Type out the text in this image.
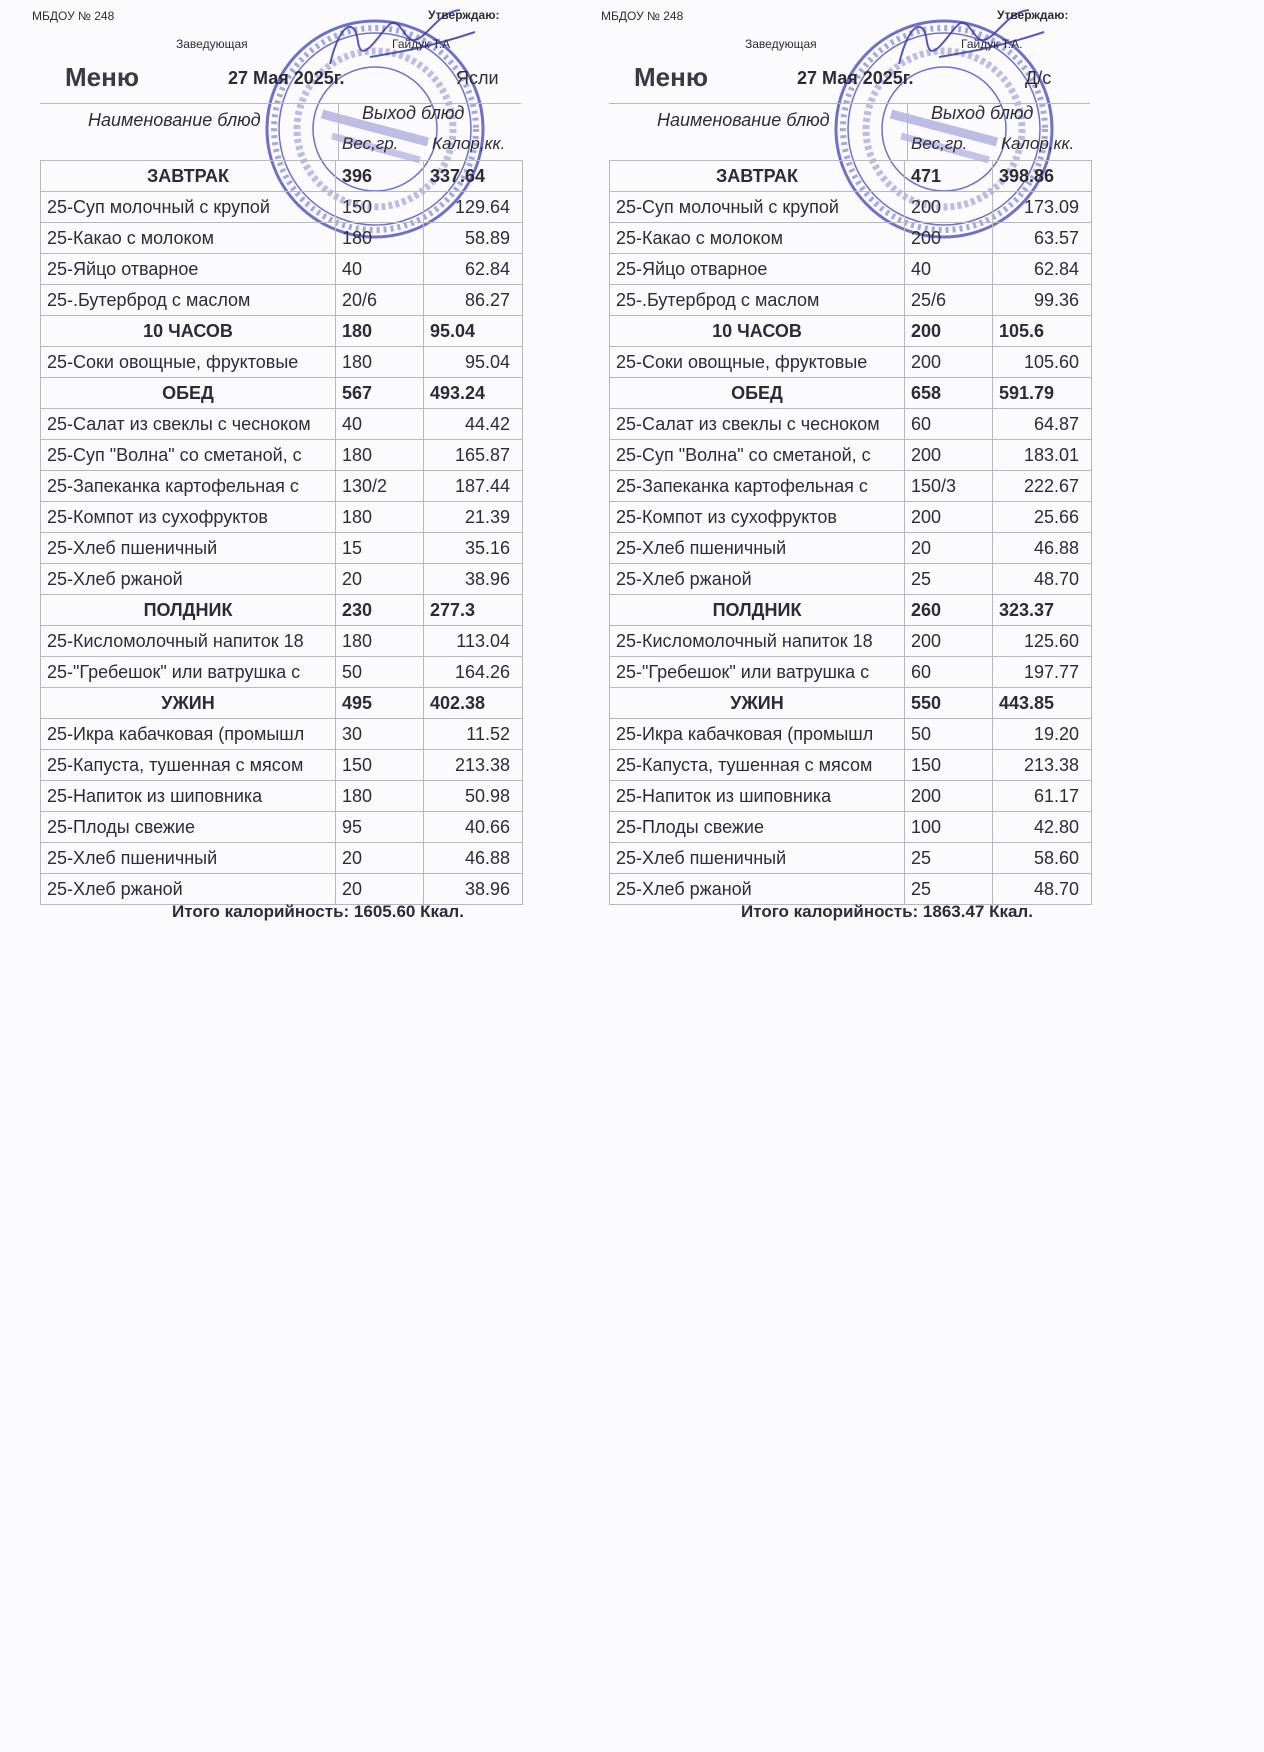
МБДОУ № 248	Утверждаю:
Заведующая	Гайдук Т.А
Меню	27 Мая 2025г.	Ясли
Наименование блюд	Выход блюд
Вес,гр. Калор,кк.
ЗАВТРАК	396	337.64
25-Суп молочный с крупой	150	129.64
25-Какао с молоком	180	58.89
25-Яйцо отварное	40	62.84
25-.Бутерброд с маслом	20/6	86.27
10 ЧАСОВ	180	95.04
25-Соки овощные, фруктовые	180	95.04
ОБЕД	567	493.24
25-Салат из свеклы с чесноком	40	44.42
25-Суп "Волна" со сметаной, с	180	165.87
25-Запеканка картофельная с	130/2	187.44
25-Компот из сухофруктов	180	21.39
25-Хлеб пшеничный	15	35.16
25-Хлеб ржаной	20	38.96
ПОЛДНИК	230	277.3
25-Кисломолочный напиток 18	180	113.04
25-"Гребешок" или ватрушка с	50	164.26
УЖИН	495	402.38
25-Икра кабачковая (промышл	30	11.52
25-Капуста, тушенная с мясом	150	213.38
25-Напиток из шиповника	180	50.98
25-Плоды свежие	95	40.66
25-Хлеб пшеничный	20	46.88
25-Хлеб ржаной	20	38.96
Итого калорийность: 1605.60 Ккал.
МБДОУ № 248	Утверждаю:
Заведующая	Гайдук Т.А.
Меню	27 Мая 2025г.	Д/с
Наименование блюд	Выход блюд
Вес,гр. Калор,кк.
ЗАВТРАК	471	398.86
25-Суп молочный с крупой	200	173.09
25-Какао с молоком	200	63.57
25-Яйцо отварное	40	62.84
25-.Бутерброд с маслом	25/6	99.36
10 ЧАСОВ	200	105.6
25-Соки овощные, фруктовые	200	105.60
ОБЕД	658	591.79
25-Салат из свеклы с чесноком	60	64.87
25-Суп "Волна" со сметаной, с	200	183.01
25-Запеканка картофельная с	150/3	222.67
25-Компот из сухофруктов	200	25.66
25-Хлеб пшеничный	20	46.88
25-Хлеб ржаной	25	48.70
ПОЛДНИК	260	323.37
25-Кисломолочный напиток 18	200	125.60
25-"Гребешок" или ватрушка с	60	197.77
УЖИН	550	443.85
25-Икра кабачковая (промышл	50	19.20
25-Капуста, тушенная с мясом	150	213.38
25-Напиток из шиповника	200	61.17
25-Плоды свежие	100	42.80
25-Хлеб пшеничный	25	58.60
25-Хлеб ржаной	25	48.70
Итого калорийность: 1863.47 Ккал.
